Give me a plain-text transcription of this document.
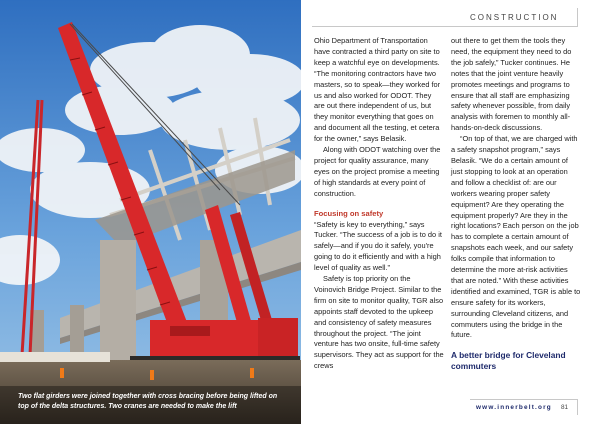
Two flat girders were joined together with cross bracing before being lifted on top of the delta structures. Two cranes are needed to make the lift

CONSTRUCTION

Ohio Department of Transportation have contracted a third party on site to keep a watchful eye on developments. “The monitoring contractors have two masters, so to speak—they worked for us and also worked for ODOT. They are out there independent of us, but they monitor everything that goes on and document all the testing, et cetera for the owner,” says Belasik.

Along with ODOT watching over the project for quality assurance, many eyes on the project promise a meeting of high standards at every point of construction.

Focusing on safety

“Safety is key to everything,” says Tucker. “The success of a job is to do it safely—and if you do it safely, you're going to do it efficiently and with a high level of quality as well.”

Safety is top priority on the Voinovich Bridge Project. Similar to the firm on site to monitor quality, TGR also appoints staff devoted to the upkeep and consistency of safety measures throughout the project. “The joint venture has two onsite, full-time safety supervisors. They act as support for the crews

out there to get them the tools they need, the equipment they need to do the job safely,” Tucker continues. He notes that the joint venture heavily promotes meetings and programs to ensure that all staff are emphasizing safety whenever possible, from daily analysis with foremen to monthly all-hands-on-deck discussions.

“On top of that, we are charged with a safety snapshot program,” says Belasik. “We do a certain amount of just stopping to look at an operation and follow a checklist of: are our workers wearing proper safety equipment? Are they operating the equipment properly? Are they in the right locations? Each person on the job has to complete a certain amount of snapshots each week, and our safety folks compile that information to determine the more at-risk activities that are noted.” With these activities identified and examined, TGR is able to ensure safety for its workers, surrounding Cleveland citizens, and commuters using the bridge in the future.

A better bridge for Cleveland commuters
www.innerbelt.org 81
